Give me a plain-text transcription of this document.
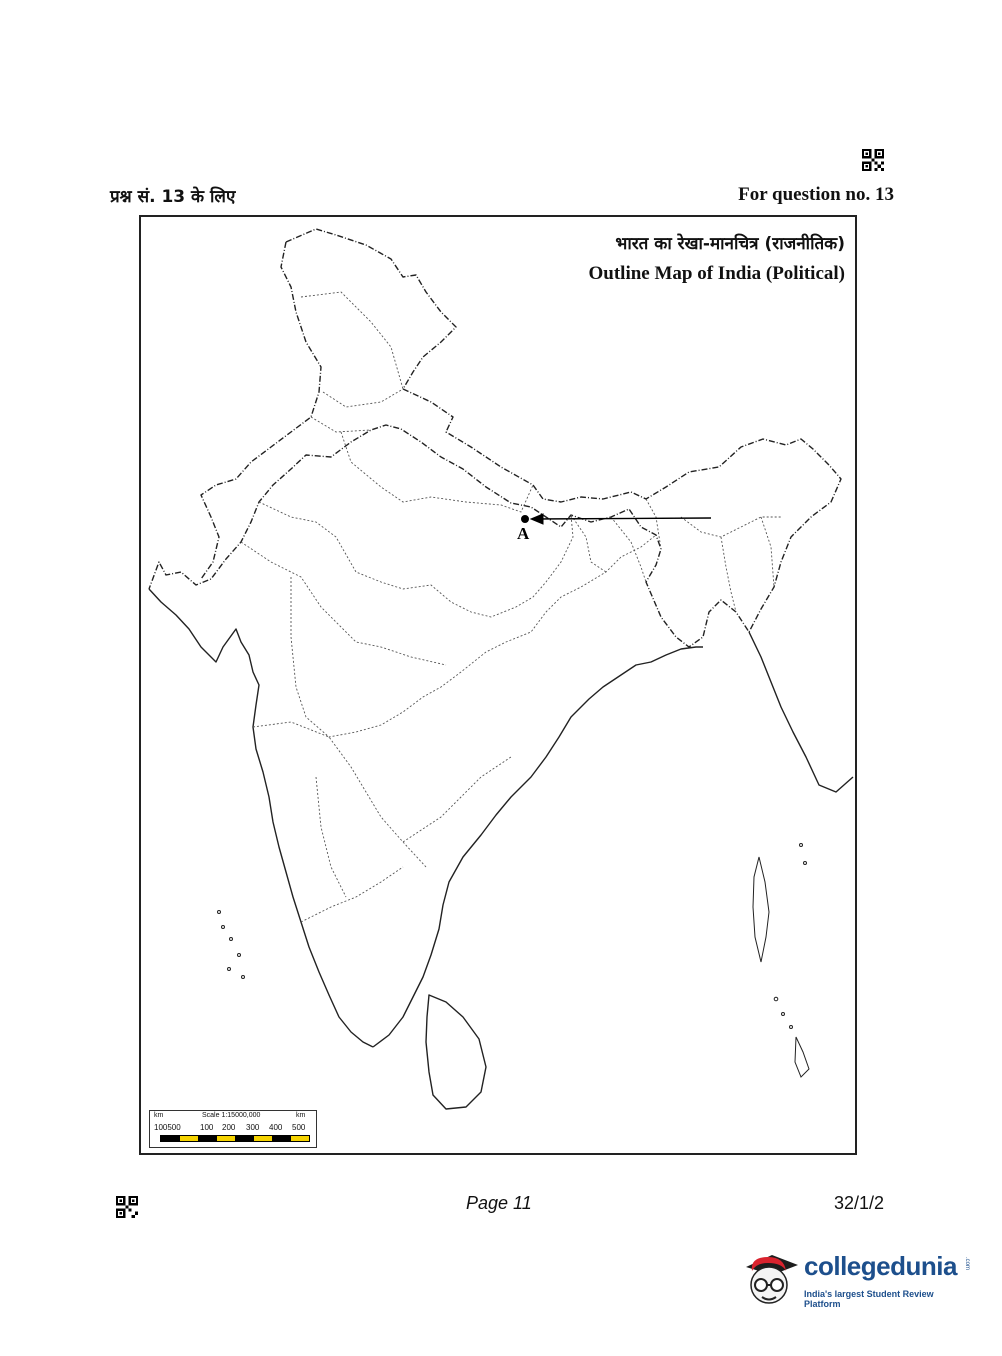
प्रश्न सं. 13 के लिए	For question no. 13
A
भारत का रेखा-मानचित्र (राजनीतिक)
Outline Map of India (Political)
km	Scale 1:15000,000	km
100500 100 200 300 400 500
Page 11	32/1/2
collegedunia .com
India's largest Student Review Platform
